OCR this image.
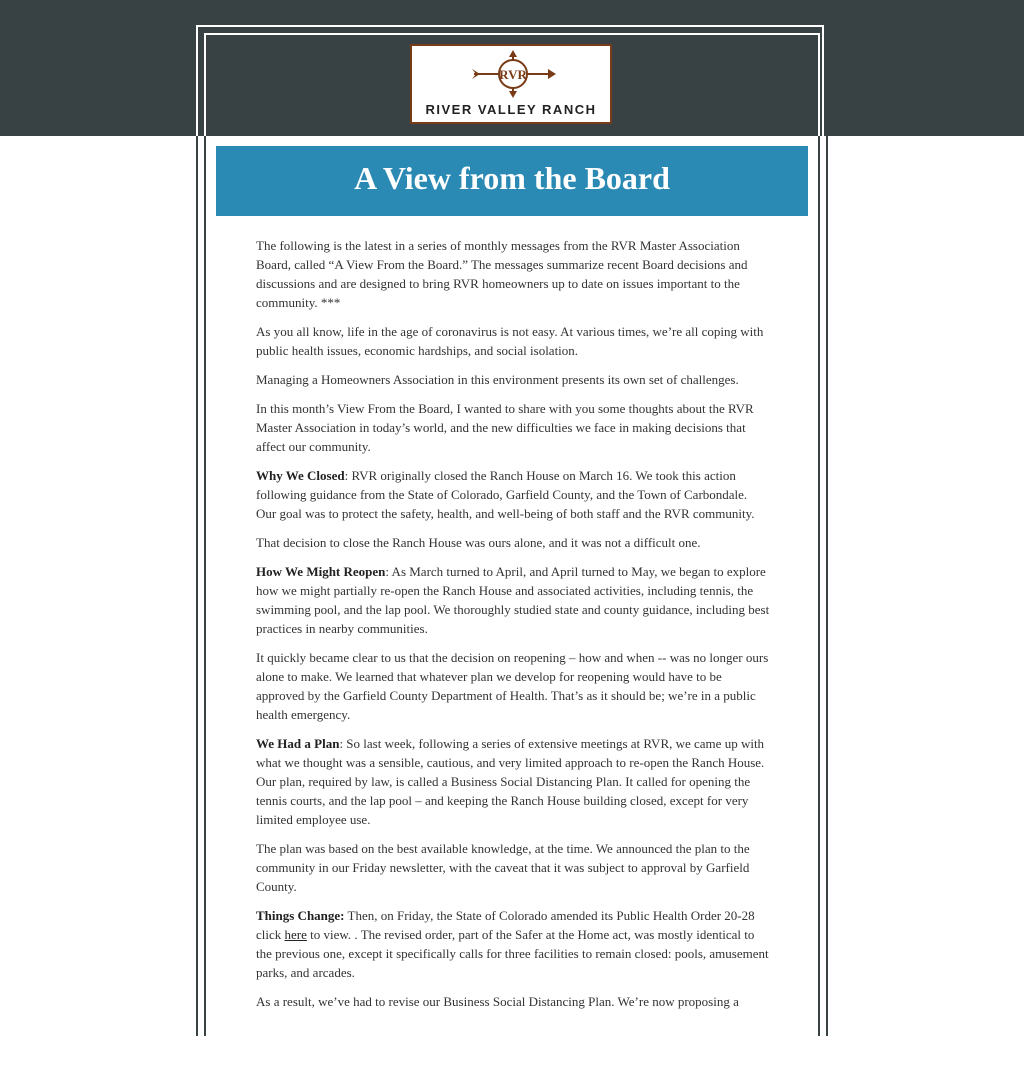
RVR
RIVER VALLEY RANCH
A View from the Board

The following is the latest in a series of monthly messages from the RVR Master Association Board, called “A View From the Board.” The messages summarize recent Board decisions and discussions and are designed to bring RVR homeowners up to date on issues important to the community. ***

As you all know, life in the age of coronavirus is not easy. At various times, we’re all coping with public health issues, economic hardships, and social isolation.

Managing a Homeowners Association in this environment presents its own set of challenges.

In this month’s View From the Board, I wanted to share with you some thoughts about the RVR Master Association in today’s world, and the new difficulties we face in making decisions that affect our community.

Why We Closed: RVR originally closed the Ranch House on March 16. We took this action following guidance from the State of Colorado, Garfield County, and the Town of Carbondale. Our goal was to protect the safety, health, and well-being of both staff and the RVR community.

That decision to close the Ranch House was ours alone, and it was not a difficult one.

How We Might Reopen: As March turned to April, and April turned to May, we began to explore how we might partially re-open the Ranch House and associated activities, including tennis, the swimming pool, and the lap pool. We thoroughly studied state and county guidance, including best practices in nearby communities.

It quickly became clear to us that the decision on reopening – how and when -- was no longer ours alone to make. We learned that whatever plan we develop for reopening would have to be approved by the Garfield County Department of Health. That’s as it should be; we’re in a public health emergency.

We Had a Plan: So last week, following a series of extensive meetings at RVR, we came up with what we thought was a sensible, cautious, and very limited approach to re-open the Ranch House. Our plan, required by law, is called a Business Social Distancing Plan. It called for opening the tennis courts, and the lap pool – and keeping the Ranch House building closed, except for very limited employee use.

The plan was based on the best available knowledge, at the time. We announced the plan to the community in our Friday newsletter, with the caveat that it was subject to approval by Garfield County.

Things Change: Then, on Friday, the State of Colorado amended its Public Health Order 20-28 click here to view. . The revised order, part of the Safer at the Home act, was mostly identical to the previous one, except it specifically calls for three facilities to remain closed: pools, amusement parks, and arcades.

As a result, we’ve had to revise our Business Social Distancing Plan. We’re now proposing a
